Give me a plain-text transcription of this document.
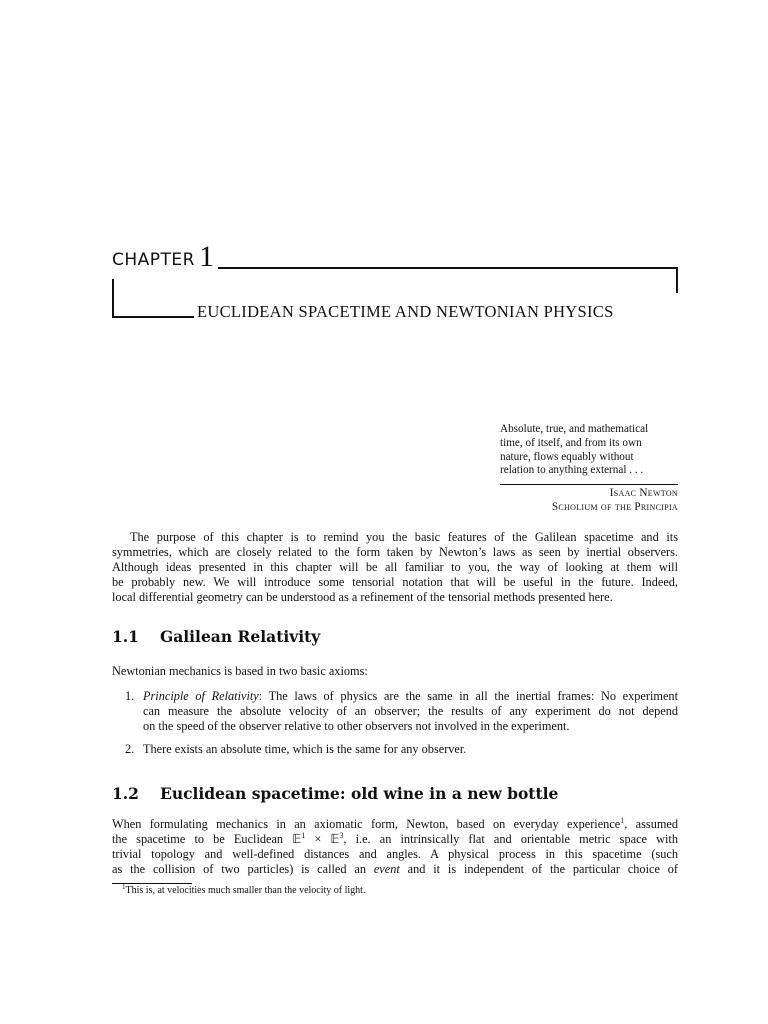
CHAPTER 1
EUCLIDEAN SPACETIME AND NEWTONIAN PHYSICS
Absolute, true, and mathematical
time, of itself, and from its own
nature, flows equably without
relation to anything external . . .
Isaac Newton
Scholium of the Principia
The purpose of this chapter is to remind you the basic features of the Galilean spacetime and its
symmetries, which are closely related to the form taken by Newton’s laws as seen by inertial observers.
Although ideas presented in this chapter will be all familiar to you, the way of looking at them will
be probably new. We will introduce some tensorial notation that will be useful in the future. Indeed,
local differential geometry can be understood as a refinement of the tensorial methods presented here.
1.1 Galilean Relativity
Newtonian mechanics is based in two basic axioms:
1. Principle of Relativity: The laws of physics are the same in all the inertial frames: No experiment
can measure the absolute velocity of an observer; the results of any experiment do not depend
on the speed of the observer relative to other observers not involved in the experiment.
2. There exists an absolute time, which is the same for any observer.
1.2 Euclidean spacetime: old wine in a new bottle
When formulating mechanics in an axiomatic form, Newton, based on everyday experience$^1$, assumed
the spacetime to be Euclidean 𝔼$^1$ × 𝔼$^3$, i.e. an intrinsically flat and orientable metric space with
trivial topology and well-defined distances and angles. A physical process in this spacetime (such
as the collision of two particles) is called an event and it is independent of the particular choice of
$^1$This is, at velocities much smaller than the velocity of light.
